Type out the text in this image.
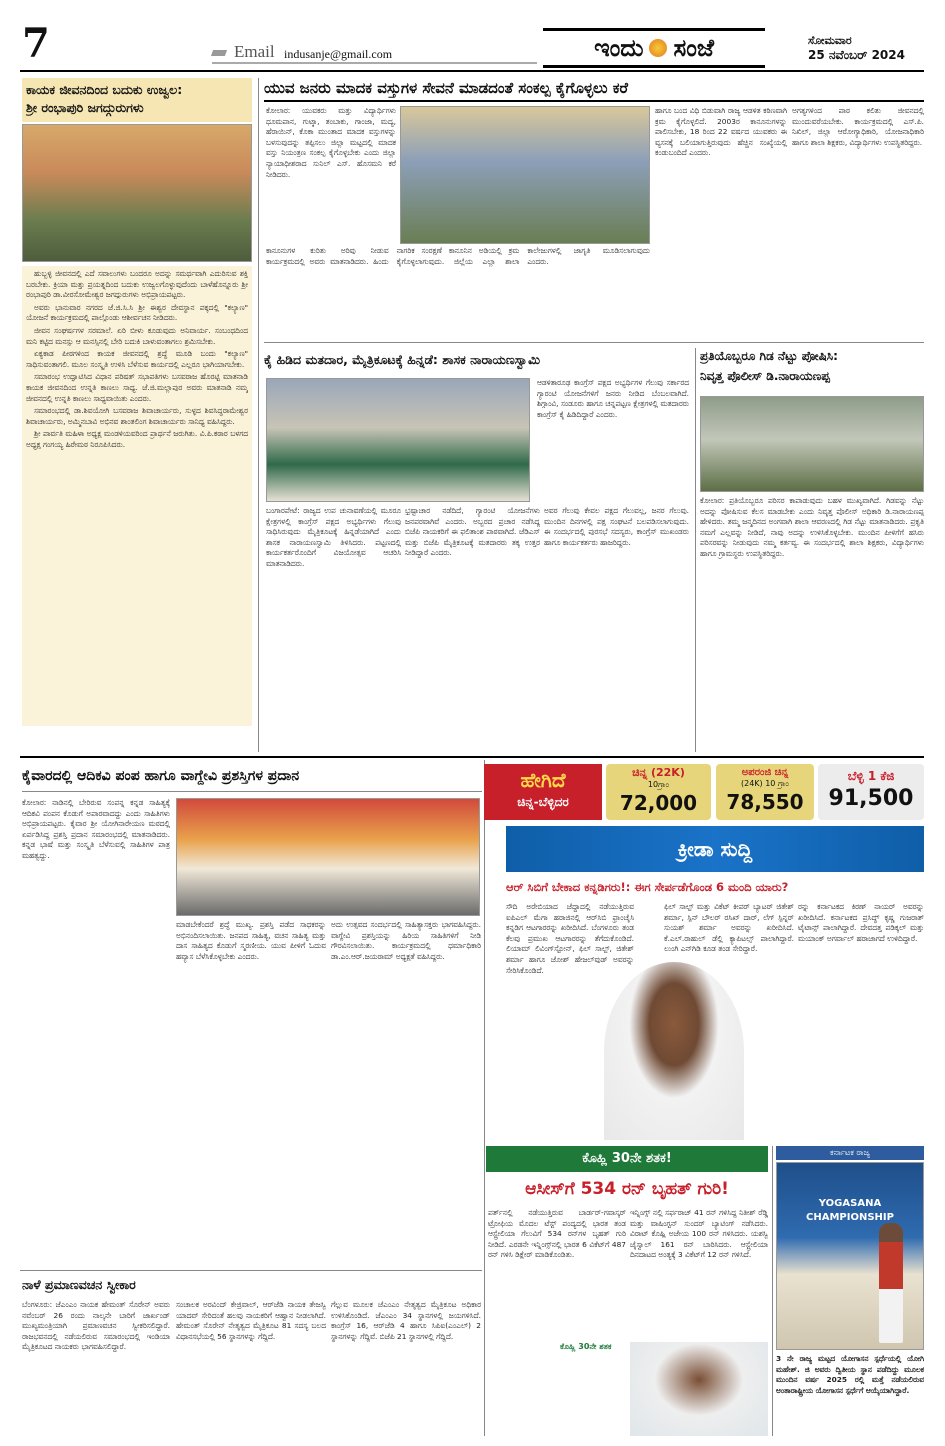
7	Email indusanje@gmail.com	ಇಂದು ಸಂಜೆ	ಸೋಮವಾರ
25 ನವೆಂಬರ್ 2024
ಕಾಯಕ ಜೀವನದಿಂದ ಬದುಕು ಉಜ್ವಲ:
ಶ್ರೀ ರಂಭಾಪುರಿ ಜಗದ್ಗುರುಗಳು

ಹುಬ್ಬಳ್ಳಿ ಜೀವನದಲ್ಲಿ ಎದೆ ಸವಾಲುಗಳು ಬಂದರೂ ಅದನ್ನು ಸಮರ್ಥವಾಗಿ ಎದುರಿಸುವ ಶಕ್ತಿ ಬರಬೇಕು. ಕ್ರಿಯಾ ಮತ್ತು ಪ್ರಯತ್ನದಿಂದ ಬದುಕು ಉಜ್ವಲಗೊಳ್ಳುವುದೆಂದು ಬಾಳೆಹೊನ್ನೂರು ಶ್ರೀ ರಂಭಾಪುರಿ ಡಾ.ವೀರಸೋಮೇಶ್ವರ ಜಗದ್ಗುರುಗಳು ಅಭಿಪ್ರಾಯಪಟ್ಟರು.

ಅವರು ಭಾನುವಾರ ನಗರದ ಜೆ.ಜಿ.ಸಿ.ಸಿ ಶ್ರೀ ಈಶ್ವರ ದೇವಸ್ಥಾನ ಪಕ್ಕದಲ್ಲಿ "ಕಲ್ಯಾಣ" ಯೋಜನೆ ಕಾರ್ಯಕ್ರಮದಲ್ಲಿ ಪಾಲ್ಗೊಂಡು ಆಶೀರ್ವಚನ ನೀಡಿದರು.

ಜೀವನ ಸಂಘರ್ಷಗಳ ಸರಮಾಲೆ. ಏರಿ ಬೀಳು ಕೂಡುವುದು ಅನಿವಾರ್ಯ. ಸಂಬಂಧದಿಂದ ಮನಿ ಕಟ್ಟಿದ ಮನಸ್ಸು ಆ ಮನಸ್ಸಿನಲ್ಲಿ ಬೇರಿ ಬದುಕಿ ಬಾಳುವಂತಾಗಲು ಶ್ರಮಿಸಬೇಕು.

ಏಕ್ಯಕಾಡ ಪೀಠಗಳಿಂದ ಕಾಯಕ ಜೀವನದಲ್ಲಿ ಶ್ರದ್ಧೆ ಮೂಡಿ ಬಂದು "ಕಲ್ಯಾಣ" ಸಾಧಿಸುವಂತಾಗಲಿ. ಮೂಲ ಸಂಸ್ಕೃತಿ ಉಳಿಸಿ ಬೆಳೆಸುವ ಕಾರ್ಯದಲ್ಲಿ ಎಲ್ಲರೂ ಭಾಗಿಯಾಗಬೇಕು.

ಸಮಾರಂಭ ಉದ್ಘಾಟಿಸಿದ ವಿಧಾನ ಪರಿಷತ್ ಸಭಾಪತಿಗಳು ಬಸವರಾಜ ಹೊರಟ್ಟಿ ಮಾತನಾಡಿ ಕಾಯಕ ಜೀವನದಿಂದ ಉನ್ನತಿ ಕಾಣಲು ಸಾಧ್ಯ. ಜೆ.ಜಿ.ಮಲ್ಲಾಪುರ ಅವರು ಮಾತನಾಡಿ ನಮ್ಮ ಜೀವನದಲ್ಲಿ ಉನ್ನತಿ ಕಾಣಲು ಸಾಧ್ಯವಾಯಿತು ಎಂದರು.

ಸಮಾರಂಭದಲ್ಲಿ ಡಾ.ಶಿವಯೋಗಿ ಬಸವರಾಜ ಶಿವಾಚಾರ್ಯರು, ಸುಳ್ಳದ ಶಿವಸಿದ್ಧರಾಮೇಶ್ವರ ಶಿವಾಚಾರ್ಯರು, ಅಮ್ಮಿನಬಾವಿ ಅಭಿನವ ಶಾಂತಲಿಂಗ ಶಿವಾಚಾರ್ಯರು ಸಾನಿಧ್ಯ ವಹಿಸಿದ್ದರು.

ಶ್ರೀ ಪಾರ್ವತಿ ಮಹಿಳಾ ಅಧ್ಯಕ್ಷ ಮಂಡಳಿಯವರಿಂದ ಪ್ರಾರ್ಥನೆ ಜರುಗಿತು. ವಿ.ಪಿ.ಕಠಾರ ಬಳಗದ ಅಧ್ಯಕ್ಷ ಗಂಗಯ್ಯ ಹಿರೇಮಠ ನಿರೂಪಿಸಿದರು.

ಯುವ ಜನರು ಮಾದಕ ವಸ್ತುಗಳ ಸೇವನೆ ಮಾಡದಂತೆ ಸಂಕಲ್ಪ ಕೈಗೊಳ್ಳಲು ಕರೆ
ಕೋಲಾರ: ಯುವಕರು ಮತ್ತು ವಿದ್ಯಾರ್ಥಿಗಳು ಧೂಮಪಾನ, ಗುಟ್ಕಾ, ತಂಬಾಕು, ಗಾಂಜಾ, ಮದ್ಯ, ಹೆರಾಯಿನ್, ಕೊಕಾ ಮುಂತಾದ ಮಾದಕ ವಸ್ತುಗಳನ್ನು ಬಳಸುವುದನ್ನು ತಪ್ಪಿಸಲು ಜಿಲ್ಲಾ ಮಟ್ಟದಲ್ಲಿ ಮಾದಕ ವಸ್ತು ನಿಯಂತ್ರಣ ಸಂಕಲ್ಪ ಕೈಗೊಳ್ಳಬೇಕು ಎಂದು ಜಿಲ್ಲಾ ನ್ಯಾಯಾಧೀಶರಾದ ಸುನಿಲ್ ಎಸ್. ಹೊಸಮನಿ ಕರೆ ನೀಡಿದರು.
ಕಾನೂನುಗಳ ಕುರಿತು ಅರಿವು ನೀಡುವ ಕಾರ್ಯಕ್ರಮದಲ್ಲಿ ಅವರು ಮಾತನಾಡಿದರು. ಹಿಂದು ನಾಗರಿಕ ಸಂರಕ್ಷಣೆ ಕಾನೂನಿನ ಅಡಿಯಲ್ಲಿ ಕ್ರಮ ಕೈಗೊಳ್ಳಲಾಗುವುದು. ಜಿಲ್ಲೆಯ ಎಲ್ಲಾ ಶಾಲಾ ಕಾಲೇಜುಗಳಲ್ಲಿ ಜಾಗೃತಿ ಮೂಡಿಸಲಾಗುವುದು ಎಂದರು.
ಹಾಗೂ ಬಂದ ವಿಧಿ ಬಿಡುವಾಗಿ ರಾಜ್ಯ ಆಡಳಿತ ಕಠಿಣವಾಗಿ ಕ್ರಮ ಕೈಗೊಳ್ಳಲಿದೆ. 2003ರ ಕಾನೂನುಗಳನ್ನು ಪಾಲಿಸಬೇಕು, 18 ರಿಂದ 22 ವರ್ಷದ ಯುವಕರು ಈ ವ್ಯಸನಕ್ಕೆ ಬಲಿಯಾಗುತ್ತಿರುವುದು ಹೆಚ್ಚಿನ ಸಂಖ್ಯೆಯಲ್ಲಿ ಕಂಡುಬಂದಿದೆ ಎಂದರು.
ಅಗತ್ಯಗಳಿಂದ ಪಾಠ ಕಲಿತು ಜೀವನದಲ್ಲಿ ಮುಂದುವರೆಯಬೇಕು. ಕಾರ್ಯಕ್ರಮದಲ್ಲಿ ಎಸ್.ಪಿ. ನಿಖಿಲ್, ಜಿಲ್ಲಾ ಆರೋಗ್ಯಾಧಿಕಾರಿ, ಯೋಜನಾಧಿಕಾರಿ ಹಾಗೂ ಶಾಲಾ ಶಿಕ್ಷಕರು, ವಿದ್ಯಾರ್ಥಿಗಳು ಉಪಸ್ಥಿತರಿದ್ದರು.
ಕೈ ಹಿಡಿದ ಮತದಾರ, ಮೈತ್ರಿಕೂಟಕ್ಕೆ ಹಿನ್ನಡೆ: ಶಾಸಕ ನಾರಾಯಣಸ್ವಾಮಿ
ಆಡಳಿತಾರೂಢ ಕಾಂಗ್ರೆಸ್ ಪಕ್ಷದ ಅಭ್ಯರ್ಥಿಗಳ ಗೆಲುವು ಸರ್ಕಾರದ ಗ್ಯಾರಂಟಿ ಯೋಜನೆಗಳಿಗೆ ಜನರು ನೀಡಿದ ಬೆಂಬಲವಾಗಿದೆ. ಶಿಗ್ಗಾಂವಿ, ಸಂಡೂರು ಹಾಗೂ ಚನ್ನಪಟ್ಟಣ ಕ್ಷೇತ್ರಗಳಲ್ಲಿ ಮತದಾರರು ಕಾಂಗ್ರೆಸ್ ಕೈ ಹಿಡಿದಿದ್ದಾರೆ ಎಂದರು.
ಬಂಗಾರಪೇಟೆ: ರಾಜ್ಯದ ಉಪ ಚುನಾವಣೆಯಲ್ಲಿ ಮೂರೂ ಕ್ಷೇತ್ರಗಳಲ್ಲಿ ಕಾಂಗ್ರೆಸ್ ಪಕ್ಷದ ಅಭ್ಯರ್ಥಿಗಳು ಗೆಲುವು ಸಾಧಿಸಿರುವುದು ಮೈತ್ರಿಕೂಟಕ್ಕೆ ಹಿನ್ನಡೆಯಾಗಿದೆ ಎಂದು ಶಾಸಕ ನಾರಾಯಣಸ್ವಾಮಿ ತಿಳಿಸಿದರು. ಪಟ್ಟಣದಲ್ಲಿ ಕಾರ್ಯಕರ್ತರೊಂದಿಗೆ ವಿಜಯೋತ್ಸವ ಆಚರಿಸಿ ಮಾತನಾಡಿದರು.
ಭ್ರಷ್ಟಾಚಾರ ನಡೆದಿದೆ, ಗ್ಯಾರಂಟಿ ಯೋಜನೆಗಳು ಜನಪರವಾಗಿವೆ ಎಂದರು. ಅಬ್ಬರದ ಪ್ರಚಾರ ನಡೆಸಿದ್ದ ಬಿಜೆಪಿ ನಾಯಕರಿಗೆ ಈ ಫಲಿತಾಂಶ ಪಾಠವಾಗಿದೆ. ಜೆಡಿಎಸ್ ಮತ್ತು ಬಿಜೆಪಿ ಮೈತ್ರಿಕೂಟಕ್ಕೆ ಮತದಾರರು ತಕ್ಕ ಉತ್ತರ ನೀಡಿದ್ದಾರೆ ಎಂದರು.
ಅವರ ಗೆಲುವು ಕೇವಲ ಪಕ್ಷದ ಗೆಲುವಲ್ಲ, ಜನರ ಗೆಲುವು. ಮುಂದಿನ ದಿನಗಳಲ್ಲಿ ಪಕ್ಷ ಸಂಘಟನೆ ಬಲಪಡಿಸಲಾಗುವುದು. ಈ ಸಂದರ್ಭದಲ್ಲಿ ಪುರಸಭೆ ಸದಸ್ಯರು, ಕಾಂಗ್ರೆಸ್ ಮುಖಂಡರು ಹಾಗೂ ಕಾರ್ಯಕರ್ತರು ಹಾಜರಿದ್ದರು.
ಪ್ರತಿಯೊಬ್ಬರೂ ಗಿಡ ನೆಟ್ಟು ಪೋಷಿಸಿ:
ನಿವೃತ್ತ ಪೊಲೀಸ್ ಡಿ.ನಾರಾಯಣಪ್ಪ
ಕೋಲಾರ: ಪ್ರತಿಯೊಬ್ಬರೂ ಪರಿಸರ ಕಾಪಾಡುವುದು ಬಹಳ ಮುಖ್ಯವಾಗಿದೆ. ಗಿಡವನ್ನು ನೆಟ್ಟು ಅದನ್ನು ಪೋಷಿಸುವ ಕೆಲಸ ಮಾಡಬೇಕು ಎಂದು ನಿವೃತ್ತ ಪೊಲೀಸ್ ಅಧಿಕಾರಿ ಡಿ.ನಾರಾಯಣಪ್ಪ ಹೇಳಿದರು. ತಮ್ಮ ಜನ್ಮದಿನದ ಅಂಗವಾಗಿ ಶಾಲಾ ಆವರಣದಲ್ಲಿ ಗಿಡ ನೆಟ್ಟು ಮಾತನಾಡಿದರು. ಪ್ರಕೃತಿ ನಮಗೆ ಎಲ್ಲವನ್ನು ನೀಡಿದೆ, ನಾವು ಅದನ್ನು ಉಳಿಸಿಕೊಳ್ಳಬೇಕು. ಮುಂದಿನ ಪೀಳಿಗೆಗೆ ಹಸಿರು ಪರಿಸರವನ್ನು ನೀಡುವುದು ನಮ್ಮ ಕರ್ತವ್ಯ. ಈ ಸಂದರ್ಭದಲ್ಲಿ ಶಾಲಾ ಶಿಕ್ಷಕರು, ವಿದ್ಯಾರ್ಥಿಗಳು ಹಾಗೂ ಗ್ರಾಮಸ್ಥರು ಉಪಸ್ಥಿತರಿದ್ದರು.
ಕೈವಾರದಲ್ಲಿ ಆದಿಕವಿ ಪಂಪ ಹಾಗೂ ವಾಗ್ದೇವಿ ಪ್ರಶಸ್ತಿಗಳ ಪ್ರದಾನ
ಕೋಲಾರ: ನಾಡಿನಲ್ಲಿ ಬೇರಿರುವ ಸಂಪನ್ನ ಕನ್ನಡ ಸಾಹಿತ್ಯಕ್ಕೆ ಆದಿಕವಿ ಪಂಪನ ಕೊಡುಗೆ ಅಪಾರವಾದದ್ದು ಎಂದು ಸಾಹಿತಿಗಳು ಅಭಿಪ್ರಾಯಪಟ್ಟರು. ಕೈವಾರ ಶ್ರೀ ಯೋಗಿನಾರೇಯಣ ಮಠದಲ್ಲಿ ಏರ್ಪಡಿಸಿದ್ದ ಪ್ರಶಸ್ತಿ ಪ್ರದಾನ ಸಮಾರಂಭದಲ್ಲಿ ಮಾತನಾಡಿದರು. ಕನ್ನಡ ಭಾಷೆ ಮತ್ತು ಸಂಸ್ಕೃತಿ ಬೆಳೆಸುವಲ್ಲಿ ಸಾಹಿತಿಗಳ ಪಾತ್ರ ಮಹತ್ವದ್ದು.
ಮಾಡಬೇಕೆಂದರೆ ಶ್ರದ್ಧೆ ಮುಖ್ಯ. ಪ್ರಶಸ್ತಿ ಪಡೆದ ಸಾಧಕರನ್ನು ಅಭಿನಂದಿಸಲಾಯಿತು. ಜನಪದ ಸಾಹಿತ್ಯ, ವಚನ ಸಾಹಿತ್ಯ ಮತ್ತು ದಾಸ ಸಾಹಿತ್ಯದ ಕೊಡುಗೆ ಸ್ಮರಣೀಯ. ಯುವ ಪೀಳಿಗೆ ಓದುವ ಹವ್ಯಾಸ ಬೆಳೆಸಿಕೊಳ್ಳಬೇಕು ಎಂದರು.
ಅದು ಉತ್ಸವದ ಸಂದರ್ಭದಲ್ಲಿ ಸಾಹಿತ್ಯಾಸಕ್ತರು ಭಾಗವಹಿಸಿದ್ದರು. ವಾಗ್ದೇವಿ ಪ್ರಶಸ್ತಿಯನ್ನು ಹಿರಿಯ ಸಾಹಿತಿಗಳಿಗೆ ನೀಡಿ ಗೌರವಿಸಲಾಯಿತು. ಕಾರ್ಯಕ್ರಮದಲ್ಲಿ ಧರ್ಮಾಧಿಕಾರಿ ಡಾ.ಎಂ.ಆರ್.ಜಯರಾಮ್ ಅಧ್ಯಕ್ಷತೆ ವಹಿಸಿದ್ದರು.
ನಾಳೆ ಪ್ರಮಾಣವಚನ ಸ್ವೀಕಾರ
ಬೆಂಗಳೂರು: ಜೆಎಂಎಂ ನಾಯಕ ಹೇಮಂತ್ ಸೊರೇನ್ ಅವರು ನವೆಂಬರ್ 26 ರಂದು ನಾಲ್ಕನೇ ಬಾರಿಗೆ ಜಾರ್ಖಂಡ್ ಮುಖ್ಯಮಂತ್ರಿಯಾಗಿ ಪ್ರಮಾಣವಚನ ಸ್ವೀಕರಿಸಲಿದ್ದಾರೆ. ರಾಜಭವನದಲ್ಲಿ ನಡೆಯಲಿರುವ ಸಮಾರಂಭದಲ್ಲಿ ಇಂಡಿಯಾ ಮೈತ್ರಿಕೂಟದ ನಾಯಕರು ಭಾಗವಹಿಸಲಿದ್ದಾರೆ.
ಸಂಚಾಲಕ ಅರವಿಂದ್ ಕೇಜ್ರಿವಾಲ್, ಆರ್‌ಜೆಡಿ ನಾಯಕ ತೇಜಸ್ವಿ ಯಾದವ್ ಸೇರಿದಂತೆ ಹಲವು ನಾಯಕರಿಗೆ ಆಹ್ವಾನ ನೀಡಲಾಗಿದೆ. ಹೇಮಂತ್ ಸೊರೇನ್ ನೇತೃತ್ವದ ಮೈತ್ರಿಕೂಟ 81 ಸದಸ್ಯ ಬಲದ ವಿಧಾನಸಭೆಯಲ್ಲಿ 56 ಸ್ಥಾನಗಳನ್ನು ಗೆದ್ದಿದೆ.
ಗೆಲ್ಲುವ ಮೂಲಕ ಜೆಎಂಎಂ ನೇತೃತ್ವದ ಮೈತ್ರಿಕೂಟ ಅಧಿಕಾರ ಉಳಿಸಿಕೊಂಡಿದೆ. ಜೆಎಂಎಂ 34 ಸ್ಥಾನಗಳಲ್ಲಿ ಜಯಗಳಿಸಿದೆ. ಕಾಂಗ್ರೆಸ್ 16, ಆರ್‌ಜೆಡಿ 4 ಹಾಗೂ ಸಿಪಿಐ(ಎಂಎಲ್) 2 ಸ್ಥಾನಗಳನ್ನು ಗೆದ್ದಿವೆ. ಬಿಜೆಪಿ 21 ಸ್ಥಾನಗಳಲ್ಲಿ ಗೆದ್ದಿದೆ.
ಹೇಗಿದೆ
ಚಿನ್ನ-ಬೆಳ್ಳಿದರ
ಚಿನ್ನ (22K)
10ಗ್ರಾಂ
72,000
ಅಪರಂಜಿ ಚಿನ್ನ
(24K) 10 ಗ್ರಾಂ
78,550
ಬೆಳ್ಳಿ 1 ಕೆಜಿ
91,500
ಕ್ರೀಡಾ ಸುದ್ದಿ
ಆರ್ ಸಿಬಿಗೆ ಬೇಕಾದ ಕನ್ನಡಿಗರು!: ಈಗ ಸೇರ್ಪಡೆಗೊಂಡ 6 ಮಂದಿ ಯಾರು?
ಸೌದಿ ಅರೇಬಿಯಾದ ಜೆದ್ದಾದಲ್ಲಿ ನಡೆಯುತ್ತಿರುವ ಐಪಿಎಲ್ ಮೆಗಾ ಹರಾಜಿನಲ್ಲಿ ಆರ್‌ಸಿಬಿ ಫ್ರಾಂಚೈಸಿ ಕನ್ನಡಿಗ ಆಟಗಾರರನ್ನು ಖರೀದಿಸಿದೆ. ಬೆಂಗಳೂರು ತಂಡ ಕೆಲವು ಪ್ರಮುಖ ಆಟಗಾರರನ್ನು ತೆಗೆದುಕೊಂಡಿದೆ. ಲಿಯಾಮ್ ಲಿವಿಂಗ್‌ಸ್ಟೋನ್, ಫಿಲ್ ಸಾಲ್ಟ್, ಜಿತೇಶ್ ಶರ್ಮಾ ಹಾಗೂ ಜೋಶ್ ಹೇಜಲ್‌ವುಡ್ ಅವರನ್ನು ಸೇರಿಸಿಕೊಂಡಿದೆ.
ಫಿಲ್ ಸಾಲ್ಟ್ ಮತ್ತು ವಿಕೆಟ್ ಕೀಪರ್ ಬ್ಯಾಟರ್ ಜಿತೇಶ್ ಶರ್ಮಾ, ಸ್ಪಿನ್ ಬೌಲರ್ ರಸಿಖ್ ದಾರ್, ಲೆಗ್ ಸ್ಪಿನ್ನರ್ ಸುಯಶ್ ಶರ್ಮಾ ಅವರನ್ನು ಖರೀದಿಸಿದೆ. ಕೆ.ಎಲ್.ರಾಹುಲ್ ಡೆಲ್ಲಿ ಕ್ಯಾಪಿಟಲ್ಸ್ ಪಾಲಾಗಿದ್ದಾರೆ. ಲುಂಗಿ ಎನ್‌ಗಿಡಿ ಕೂಡ ತಂಡ ಸೇರಿದ್ದಾರೆ.
ರನ್ನು ಕರ್ನಾಟಕದ ಕಿರಣ್ ನಾಯರ್ ಅವರನ್ನು ಖರೀದಿಸಿದೆ. ಕರ್ನಾಟಕದ ಪ್ರಸಿದ್ಧ್ ಕೃಷ್ಣ ಗುಜರಾತ್ ಟೈಟಾನ್ಸ್ ಪಾಲಾಗಿದ್ದಾರೆ. ದೇವದತ್ತ ಪಡಿಕ್ಕಲ್ ಮತ್ತು ಮಯಾಂಕ್ ಅಗರ್ವಾಲ್ ಹರಾಜಾಗದೆ ಉಳಿದಿದ್ದಾರೆ.
ಕೊಹ್ಲಿ 30ನೇ ಶತಕ!
ಆಸೀಸ್‌ಗೆ 534 ರನ್ ಬೃಹತ್ ಗುರಿ!
ಪರ್ತ್‌ನಲ್ಲಿ ನಡೆಯುತ್ತಿರುವ ಬಾರ್ಡರ್-ಗವಾಸ್ಕರ್ ಟ್ರೋಫಿಯ ಮೊದಲ ಟೆಸ್ಟ್ ಪಂದ್ಯದಲ್ಲಿ ಭಾರತ ತಂಡ ಆಸ್ಟ್ರೇಲಿಯಾ ಗೆಲುವಿಗೆ 534 ರನ್‌ಗಳ ಬೃಹತ್ ಗುರಿ ನೀಡಿದೆ. ಎರಡನೇ ಇನ್ನಿಂಗ್ಸ್‌ನಲ್ಲಿ ಭಾರತ 6 ವಿಕೆಟ್‌ಗೆ 487 ರನ್ ಗಳಿಸಿ ಡಿಕ್ಲೇರ್ ಮಾಡಿಕೊಂಡಿತು.
ಇನ್ನಿಂಗ್ಸ್ ನಲ್ಲಿ ಸರ್ಫರಾಜ್ 41 ರನ್ ಗಳಿಸಿದ್ದ ನಿತೀಶ್ ರೆಡ್ಡಿ ಮತ್ತು ವಾಷಿಂಗ್ಟನ್ ಸುಂದರ್ ಬ್ಯಾಟಿಂಗ್ ನಡೆಸಿದರು. ವಿರಾಟ್ ಕೊಹ್ಲಿ ಅಜೇಯ 100 ರನ್ ಗಳಿಸಿದರು. ಯಶಸ್ವಿ ಜೈಸ್ವಾಲ್ 161 ರನ್ ಬಾರಿಸಿದರು. ಆಸ್ಟ್ರೇಲಿಯಾ ದಿನದಾಟದ ಅಂತ್ಯಕ್ಕೆ 3 ವಿಕೆಟ್‌ಗೆ 12 ರನ್ ಗಳಿಸಿದೆ.
ಕೊಹ್ಲಿ 30ನೇ ಶತಕ
ಕರ್ನಾಟಕ ರಾಜ್ಯ
YOGASANA CHAMPIONSHIP
3 ನೇ ರಾಜ್ಯ ಮಟ್ಟದ ಯೋಗಾಸನ ಸ್ಪರ್ಧೆಯಲ್ಲಿ ಯೋಗಿ ಮಹೇಶ್. ಜಿ ಅವರು ದ್ವಿತೀಯ ಸ್ಥಾನ ಪಡೆದಿದ್ದು ಮೂಲಕ ಮುಂದಿನ ವರ್ಷ 2025 ರಲ್ಲಿ ಮತ್ತೆ ನಡೆಯಲಿರುವ ಅಂತಾರಾಷ್ಟ್ರೀಯ ಯೋಗಾಸನ ಸ್ಪರ್ಧೆಗೆ ಆಯ್ಕೆಯಾಗಿದ್ದಾರೆ.
